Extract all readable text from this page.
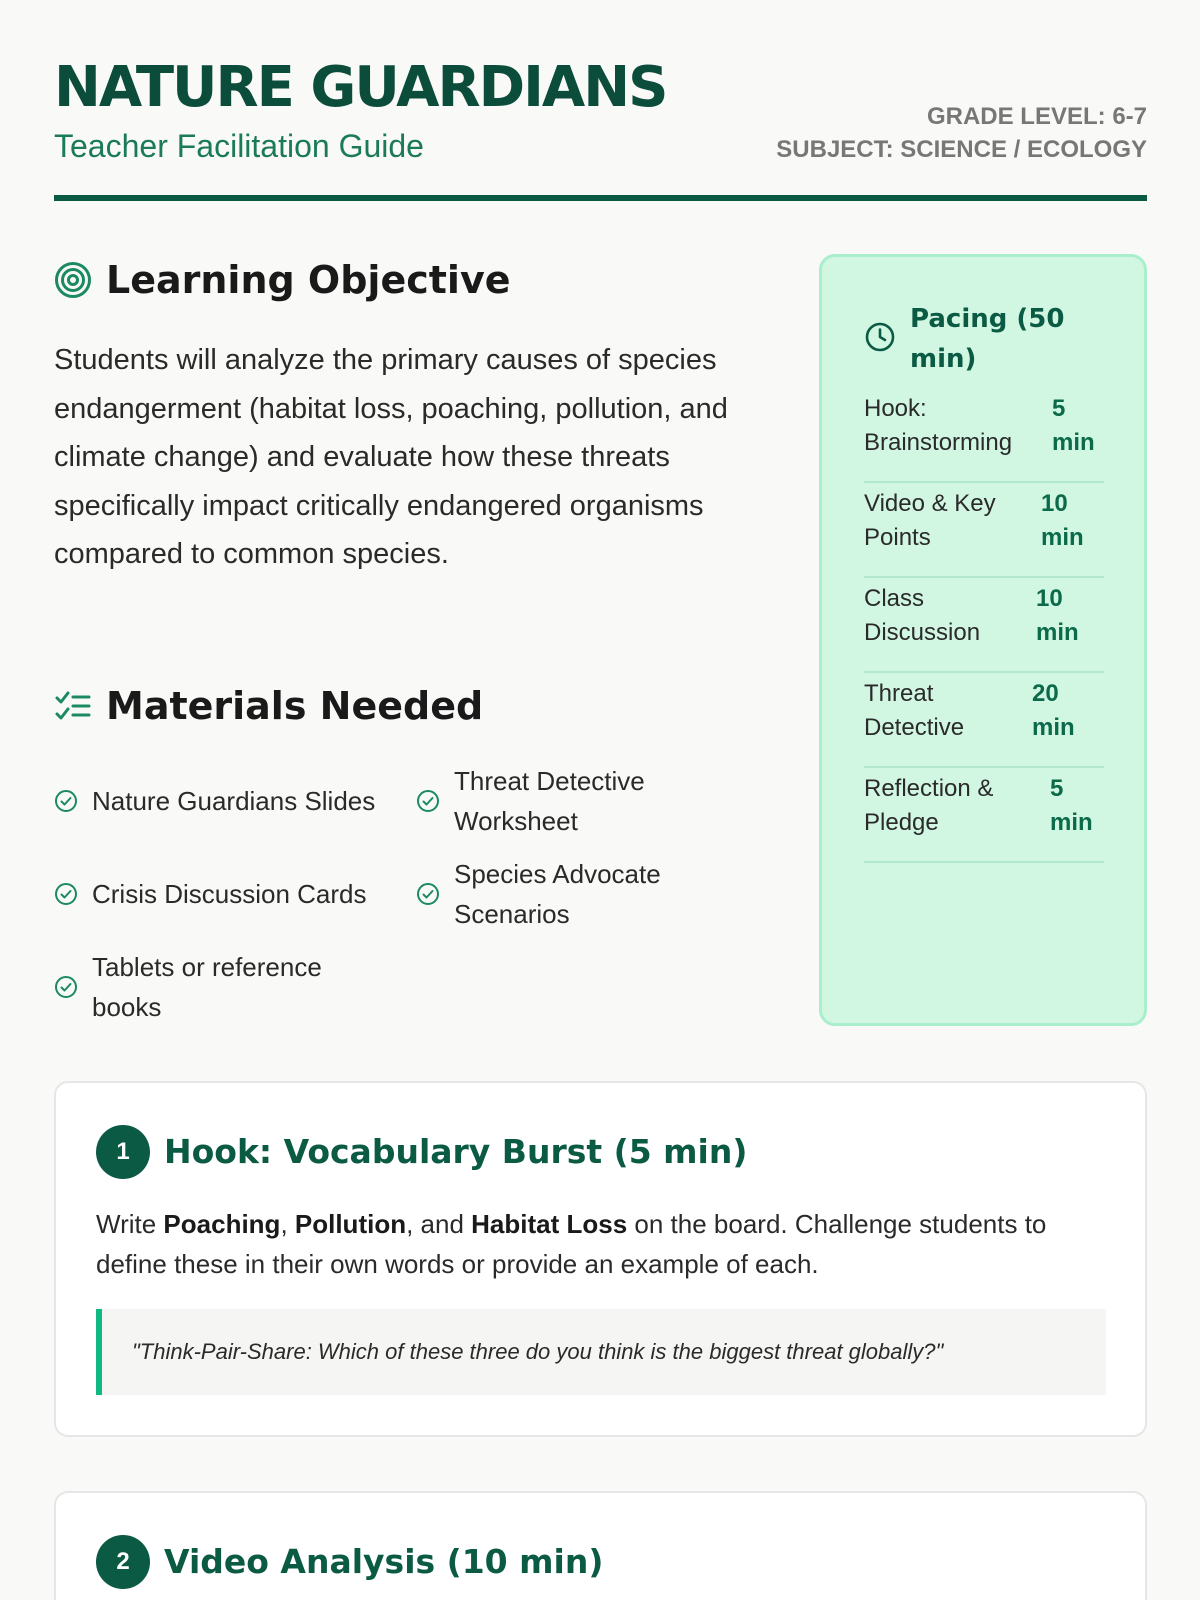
NATURE GUARDIANS
Teacher Facilitation Guide
GRADE LEVEL: 6-7
SUBJECT: SCIENCE / ECOLOGY
Learning Objective
Students will analyze the primary causes of species endangerment (habitat loss, poaching, pollution, and climate change) and evaluate how these threats specifically impact critically endangered organisms compared to common species.
Materials Needed
Nature Guardians Slides
Threat Detective Worksheet
Crisis Discussion Cards
Species Advocate Scenarios
Tablets or reference books
Pacing (50 min)
Hook: Brainstorming
5 min
Video & Key Points
10 min
Class Discussion
10 min
Threat Detective
20 min
Reflection & Pledge
5 min
1	Hook: Vocabulary Burst (5 min)
Write Poaching, Pollution, and Habitat Loss on the board. Challenge students to define these in their own words or provide an example of each.
"Think-Pair-Share: Which of these three do you think is the biggest threat globally?"
2	Video Analysis (10 min)
